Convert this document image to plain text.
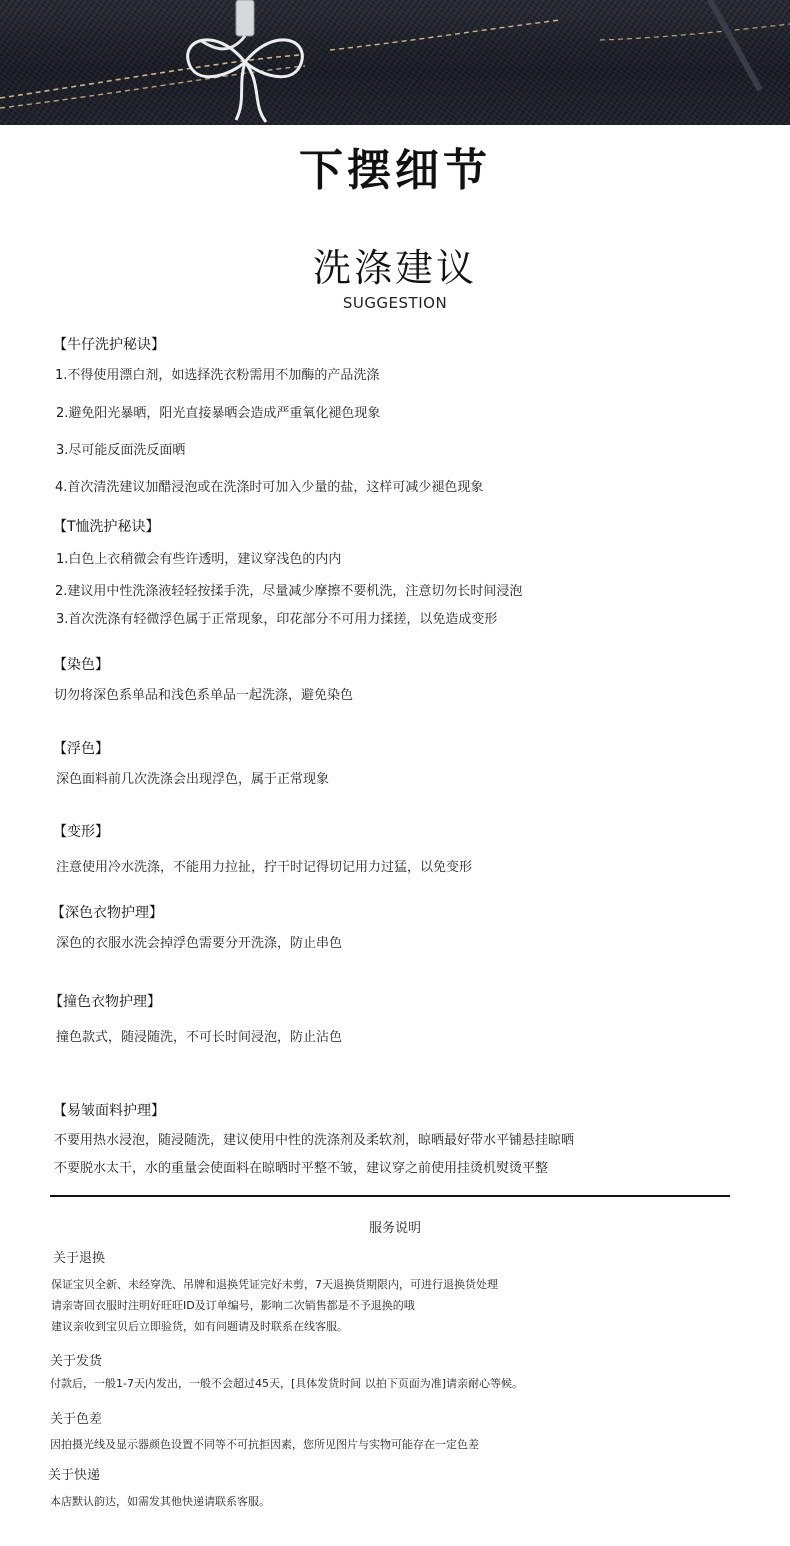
下摆细节
洗涤建议
SUGGESTION
【牛仔洗护秘诀】
1.不得使用漂白剂，如选择洗衣粉需用不加酶的产品洗涤
2.避免阳光暴晒，阳光直接暴晒会造成严重氧化褪色现象
3.尽可能反面洗反面晒
4.首次清洗建议加醋浸泡或在洗涤时可加入少量的盐，这样可减少褪色现象
【T恤洗护秘诀】
1.白色上衣稍微会有些许透明，建议穿浅色的内内
2.建议用中性洗涤液轻轻按揉手洗，尽量减少摩擦不要机洗，注意切勿长时间浸泡
3.首次洗涤有轻微浮色属于正常现象，印花部分不可用力揉搓，以免造成变形
【染色】
切勿将深色系单品和浅色系单品一起洗涤，避免染色
【浮色】
深色面料前几次洗涤会出现浮色，属于正常现象
【变形】
注意使用冷水洗涤，不能用力拉扯，拧干时记得切记用力过猛，以免变形
【深色衣物护理】
深色的衣服水洗会掉浮色需要分开洗涤，防止串色
【撞色衣物护理】
撞色款式，随浸随洗，不可长时间浸泡，防止沾色
【易皱面料护理】
不要用热水浸泡，随浸随洗，建议使用中性的洗涤剂及柔软剂，晾晒最好带水平铺悬挂晾晒
不要脱水太干，水的重量会使面料在晾晒时平整不皱，建议穿之前使用挂烫机熨烫平整
服务说明
关于退换
保证宝贝全新、未经穿洗、吊牌和退换凭证完好未剪，7天退换货期限内，可进行退换货处理
请亲寄回衣服时注明好旺旺ID及订单编号，影响二次销售都是不予退换的哦
建议亲收到宝贝后立即验货，如有问题请及时联系在线客服。
关于发货
付款后，一般1-7天内发出，一般不会超过45天，[具体发货时间 以拍下页面为准]请亲耐心等候。
关于色差
因拍摄光线及显示器颜色设置不同等不可抗拒因素，您所见图片与实物可能存在一定色差
关于快递
本店默认韵达，如需发其他快递请联系客服。
